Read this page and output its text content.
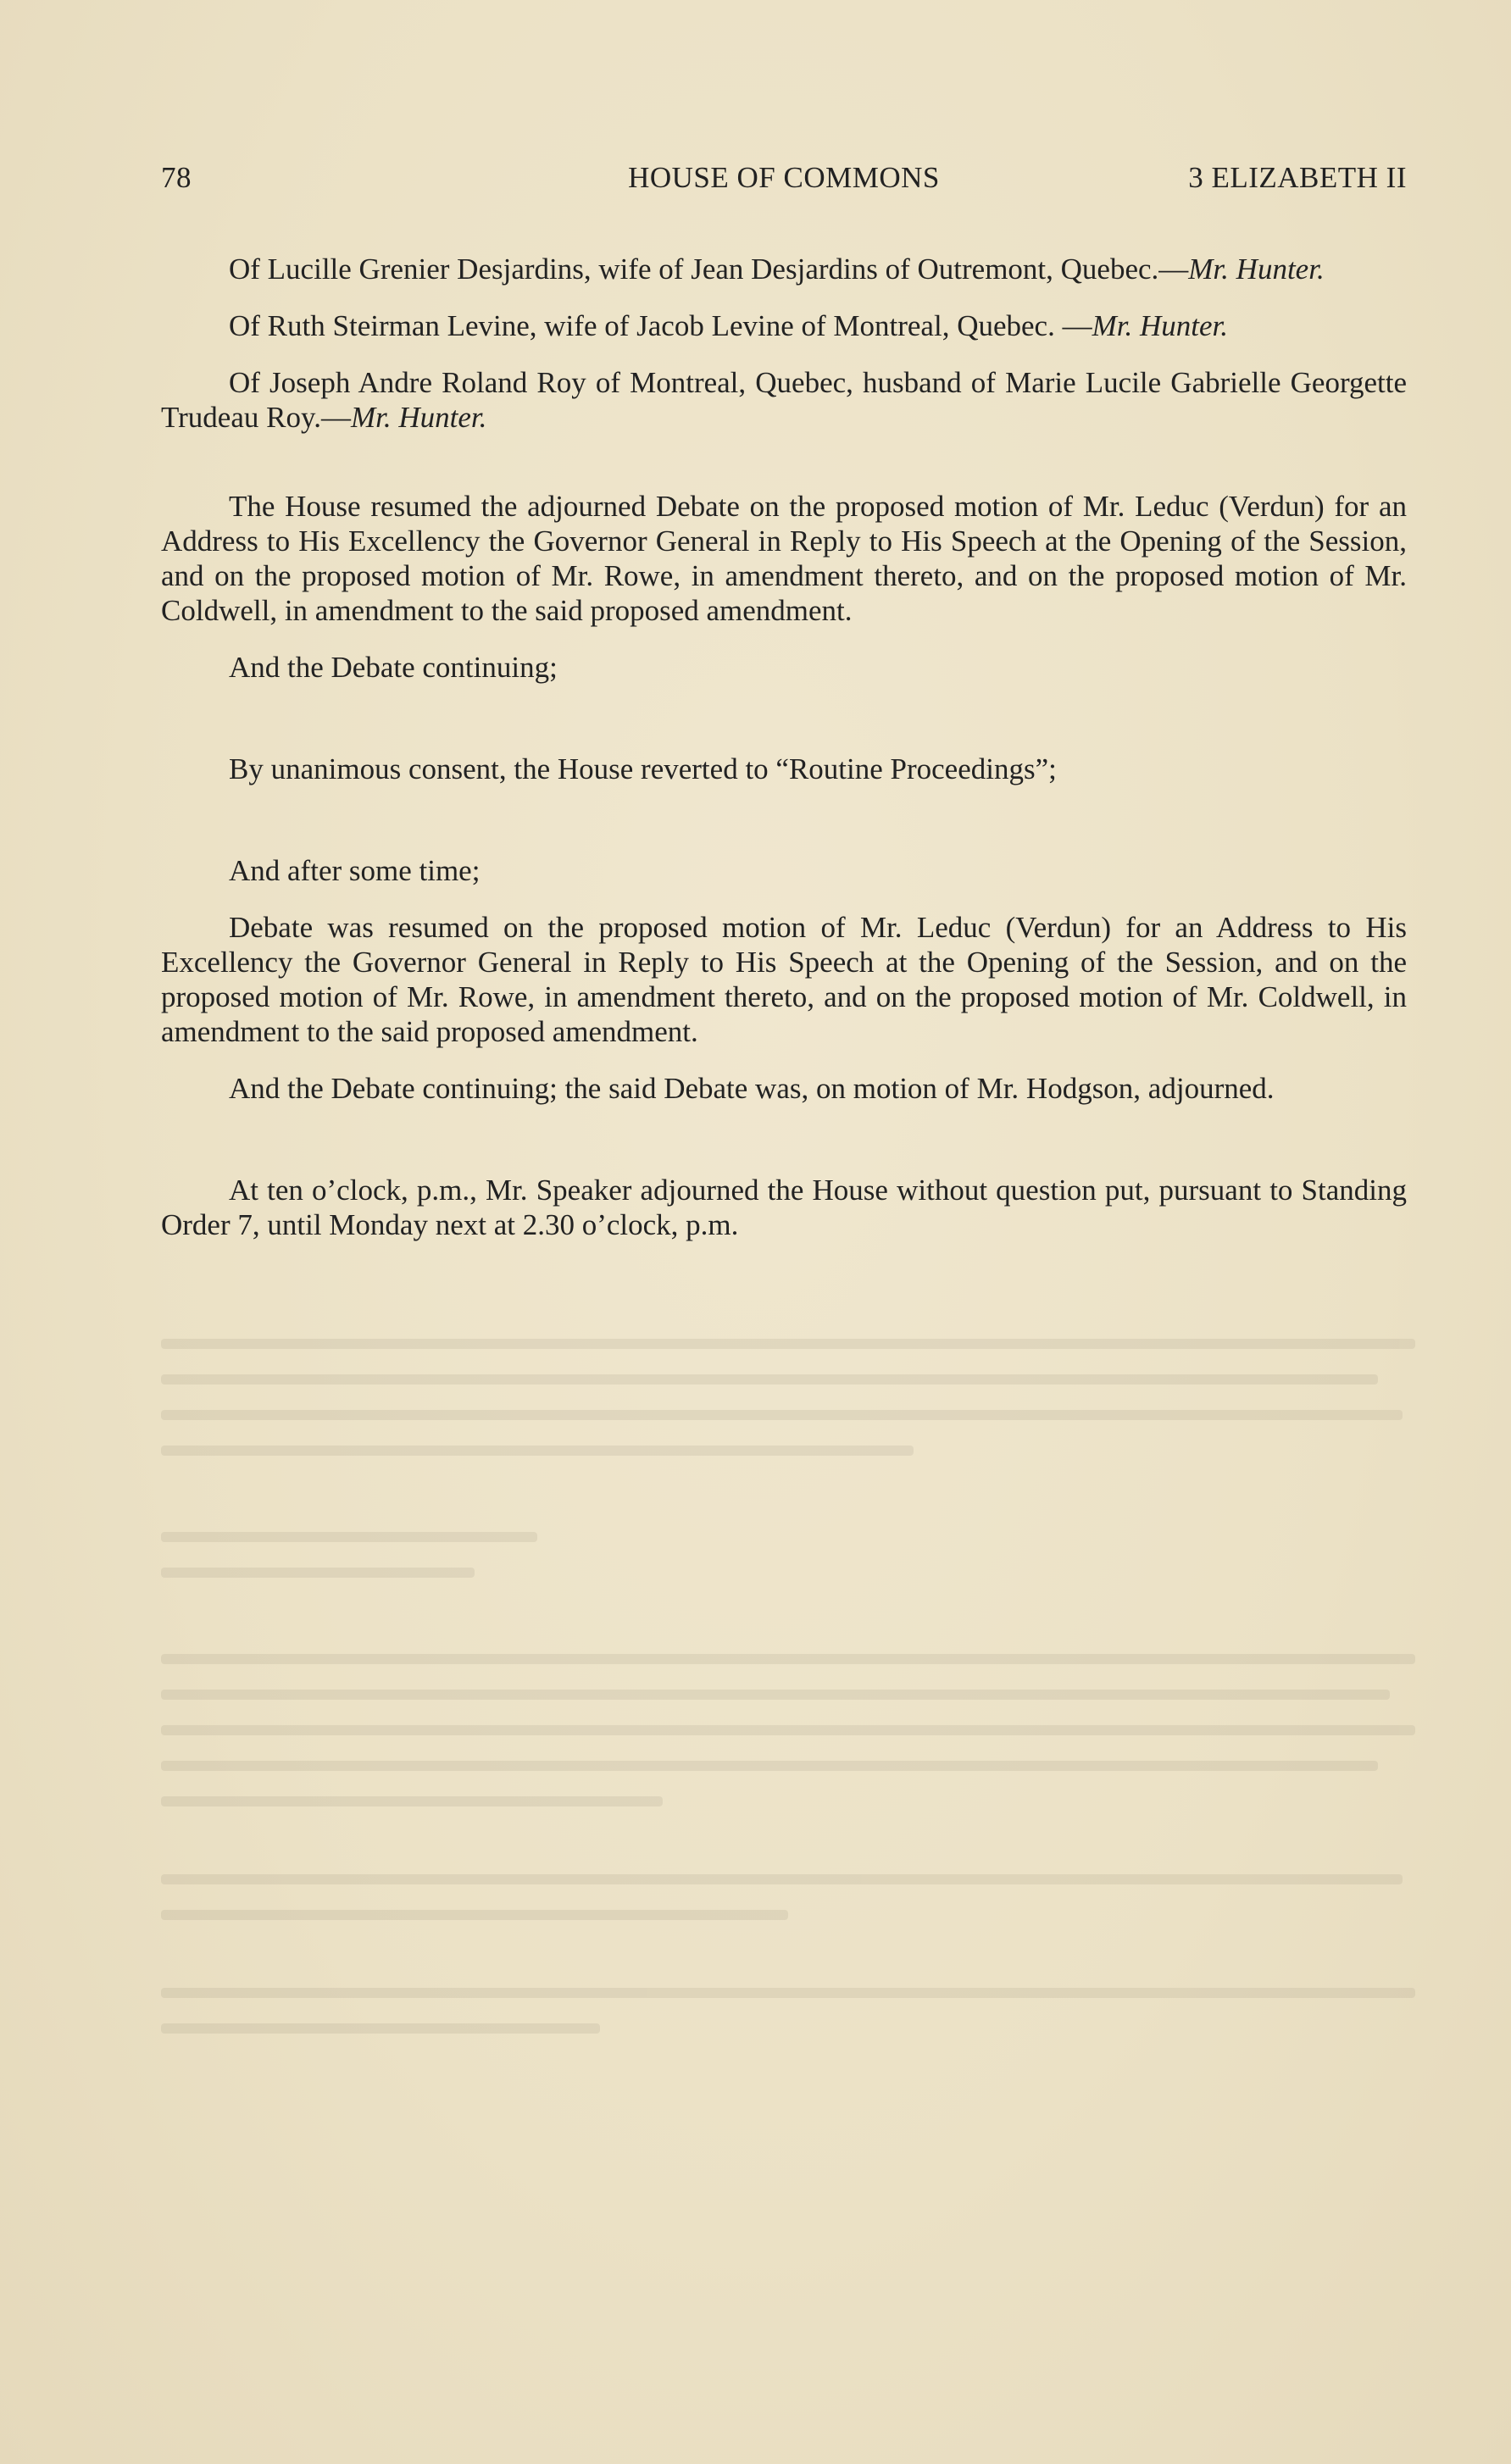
78	HOUSE OF COMMONS	3 ELIZABETH II

Of Lucille Grenier Desjardins, wife of Jean Desjardins of Outremont, Quebec.—Mr. Hunter.

Of Ruth Steirman Levine, wife of Jacob Levine of Montreal, Quebec. —Mr. Hunter.

Of Joseph Andre Roland Roy of Montreal, Quebec, husband of Marie Lucile Gabrielle Georgette Trudeau Roy.—Mr. Hunter.

The House resumed the adjourned Debate on the proposed motion of Mr. Leduc (Verdun) for an Address to His Excellency the Governor General in Reply to His Speech at the Opening of the Session, and on the proposed motion of Mr. Rowe, in amendment thereto, and on the proposed motion of Mr. Coldwell, in amendment to the said proposed amendment.

And the Debate continuing;

By unanimous consent, the House reverted to “Routine Proceedings”;

And after some time;

Debate was resumed on the proposed motion of Mr. Leduc (Verdun) for an Address to His Excellency the Governor General in Reply to His Speech at the Opening of the Session, and on the proposed motion of Mr. Rowe, in amendment thereto, and on the proposed motion of Mr. Coldwell, in amendment to the said proposed amendment.

And the Debate continuing; the said Debate was, on motion of Mr. Hodgson, adjourned.

At ten o’clock, p.m., Mr. Speaker adjourned the House without question put, pursuant to Standing Order 7, until Monday next at 2.30 o’clock, p.m.
